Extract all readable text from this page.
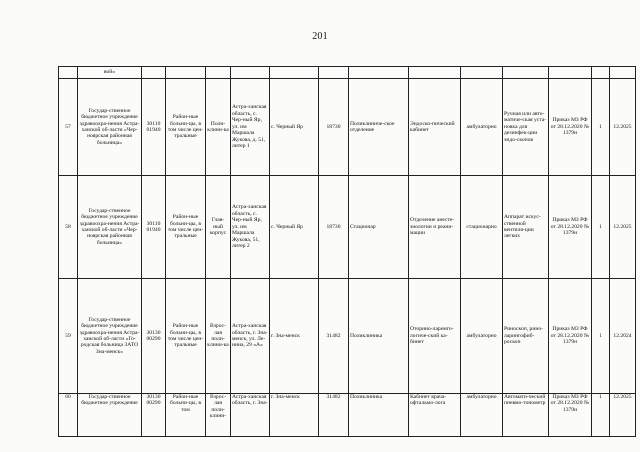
201
	вой»													
57	Государ-ственное бюджетное учреждение здравоохра-нения Астра-ханской об-ласти «Чер-ноярская районная больница»	30110 01940	Район-ные больни-цы, в том числе цен-тральные	Поли-клини-ка	Астра-ханская область, с. Чер-ный Яр, ул. им Маршала Жукова, д. 51, литер 1	с. Черный Яр	18730	Поликлиниче-ское отделение	Эндоско-пический кабинет	амбулаторно	Ручная или авто-матиче-ская уста-новка для дезинфек-ции эндо-скопов	Приказ МЗ РФ от 28.12.2020 № 1379н	1	12.2025
58	Государ-ственное бюджетное учреждение здравоохра-нения Астра-ханской об-ласти «Чер-ноярская районная больница»	30110 01940	Район-ные больни-цы, в том числе цен-тральные	Глав-ный корпус	Астра-ханская область, с. Чер-ный Яр, ул. им Маршала Жукова, 51, литер 2	с. Черный Яр	18730	Стационар	Отделение анесте-зиологии и реани-мации	стационарно	Аппарат искус-ственной вентиля-ции легких	Приказ МЗ РФ от 28.12.2020 № 1379н	1	12.2025
59	Государ-ственное бюджетное учреждение здравоохра-нения Астра-ханской об-ласти «Го-родская больница ЗАТО Зна-менск»	30130 00290	Район-ные больни-цы, в том числе цен-тральные	Взрос-лая поли-клини-ка	Астра-ханская область, г. Зна-менск, ул. Ле-нина, 29 «А»	г. Зна-менск	31482	Поликлиника	Оторино-ларинго-логиче-ский ка-бинет	амбулаторно	Риноскоп, рино-ларингофиб-роскоп	Приказ МЗ РФ от 28.12.2020 № 1379н	1	12.2024
60	Государ-ственное бюджетное учреждение	30130 00290	Район-ные больни-цы, в том	Взрос-лая поли-клини-	Астра-ханская область, г. Зна-	г. Зна-менск	31482	Поликлиника	Кабинет врача-офтальмо-лога	амбулаторно	Автомати-ческий пневмо-тонометр	Приказ МЗ РФ от 28.12.2020 № 1379н	1	12.2025
